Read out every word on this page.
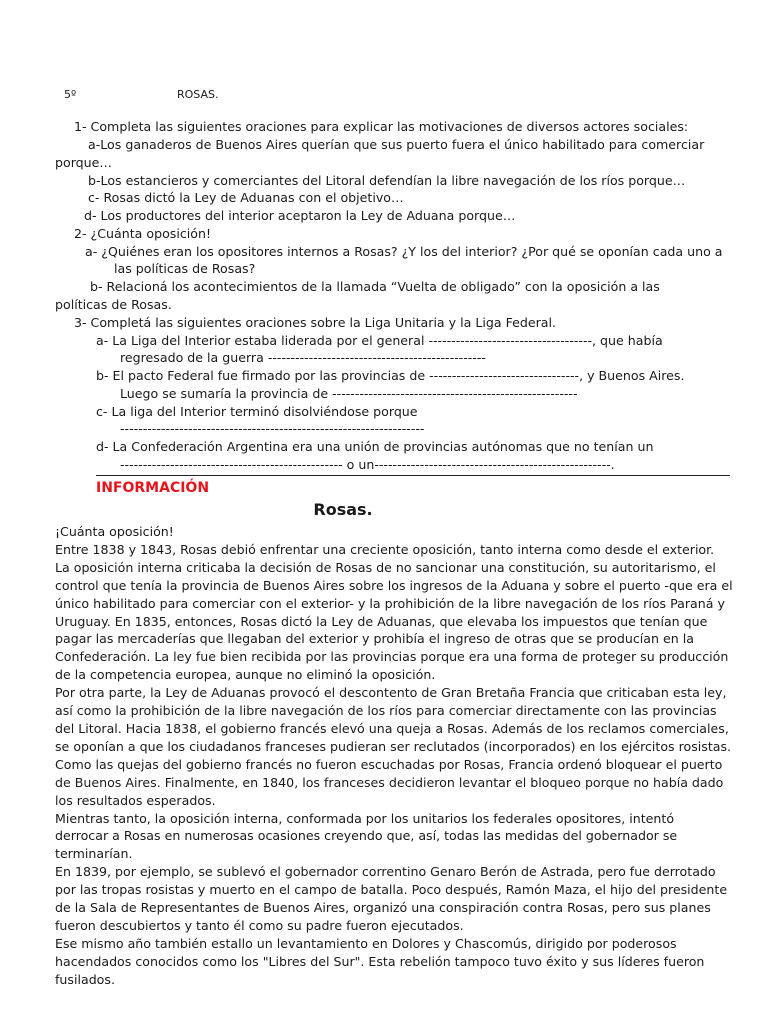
5º	ROSAS.
1- Completa las siguientes oraciones para explicar las motivaciones de diversos actores sociales:
a-Los ganaderos de Buenos Aires querían que sus puerto fuera el único habilitado para comerciar
porque…
b-Los estancieros y comerciantes del Litoral defendían la libre navegación de los ríos porque…
c- Rosas dictó la Ley de Aduanas con el objetivo…
d- Los productores del interior aceptaron la Ley de Aduana porque…
2- ¿Cuánta oposición!
a- ¿Quiénes eran los opositores internos a Rosas? ¿Y los del interior? ¿Por qué se oponían cada uno a
las políticas de Rosas?
b- Relacioná los acontecimientos de la llamada “Vuelta de obligado” con la oposición a las
políticas de Rosas.
3- Completá las siguientes oraciones sobre la Liga Unitaria y la Liga Federal.
a- La Liga del Interior estaba liderada por el general ------------------------------------, que había
regresado de la guerra ------------------------------------------------
b- El pacto Federal fue firmado por las provincias de ---------------------------------, y Buenos Aires.
Luego se sumaría la provincia de ------------------------------------------------------
c- La liga del Interior terminó disolviéndose porque
-------------------------------------------------------------------
d- La Confederación Argentina era una unión de provincias autónomas que no tenían un
------------------------------------------------- o un----------------------------------------------------.
INFORMACIÓN
Rosas.

¡Cuánta oposición!

Entre 1838 y 1843, Rosas debió enfrentar una creciente oposición, tanto interna como desde el exterior.

La oposición interna criticaba la decisión de Rosas de no sancionar una constitución, su autoritarismo, el

control que tenía la provincia de Buenos Aires sobre los ingresos de la Aduana y sobre el puerto -que era el

único habilitado para comerciar con el exterior- y la prohibición de la libre navegación de los ríos Paraná y

Uruguay. En 1835, entonces, Rosas dictó la Ley de Aduanas, que elevaba los impuestos que tenían que

pagar las mercaderías que llegaban del exterior y prohibía el ingreso de otras que se producían en la

Confederación. La ley fue bien recibida por las provincias porque era una forma de proteger su producción

de la competencia europea, aunque no eliminó la oposición.

Por otra parte, la Ley de Aduanas provocó el descontento de Gran Bretaña Francia que criticaban esta ley,

así como la prohibición de la libre navegación de los ríos para comerciar directamente con las provincias

del Litoral. Hacia 1838, el gobierno francés elevó una queja a Rosas. Además de los reclamos comerciales,

se oponían a que los ciudadanos franceses pudieran ser reclutados (incorporados) en los ejércitos rosistas.

Como las quejas del gobierno francés no fueron escuchadas por Rosas, Francia ordenó bloquear el puerto

de Buenos Aires. Finalmente, en 1840, los franceses decidieron levantar el bloqueo porque no había dado

los resultados esperados.

Mientras tanto, la oposición interna, conformada por los unitarios los federales opositores, intentó

derrocar a Rosas en numerosas ocasiones creyendo que, así, todas las medidas del gobernador se

terminarían.

En 1839, por ejemplo, se sublevó el gobernador correntino Genaro Berón de Astrada, pero fue derrotado

por las tropas rosistas y muerto en el campo de batalla. Poco después, Ramón Maza, el hijo del presidente

de la Sala de Representantes de Buenos Aires, organizó una conspiración contra Rosas, pero sus planes

fueron descubiertos y tanto él como su padre fueron ejecutados.

Ese mismo año también estallo un levantamiento en Dolores y Chascomús, dirigido por poderosos

hacendados conocidos como los "Libres del Sur". Esta rebelión tampoco tuvo éxito y sus líderes fueron

fusilados.
